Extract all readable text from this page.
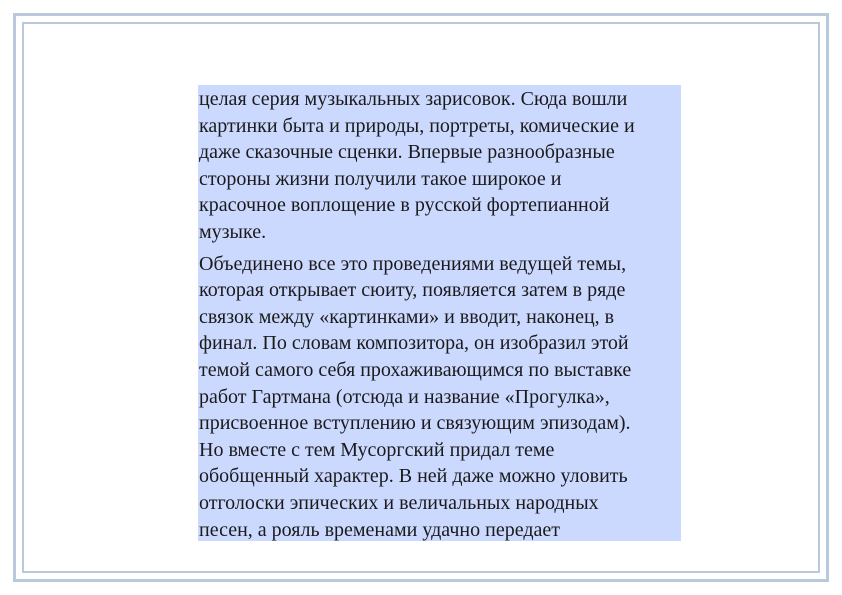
целая серия музыкальных зарисовок. Сюда вошли
картинки быта и природы, портреты, комические и
даже сказочные сценки. Впервые разнообразные
стороны жизни получили такое широкое и
красочное воплощение в русской фортепианной
музыке.

Объединено все это проведениями ведущей темы,
которая открывает сюиту, появляется затем в ряде
связок между «картинками» и вводит, наконец, в
финал. По словам композитора, он изобразил этой
темой самого себя прохаживающимся по выставке
работ Гартмана (отсюда и название «Прогулка»,
присвоенное вступлению и связующим эпизодам).
Но вместе с тем Мусоргский придал теме
обобщенный характер. В ней даже можно уловить
отголоски эпических и величальных народных
песен, а рояль временами удачно передает
